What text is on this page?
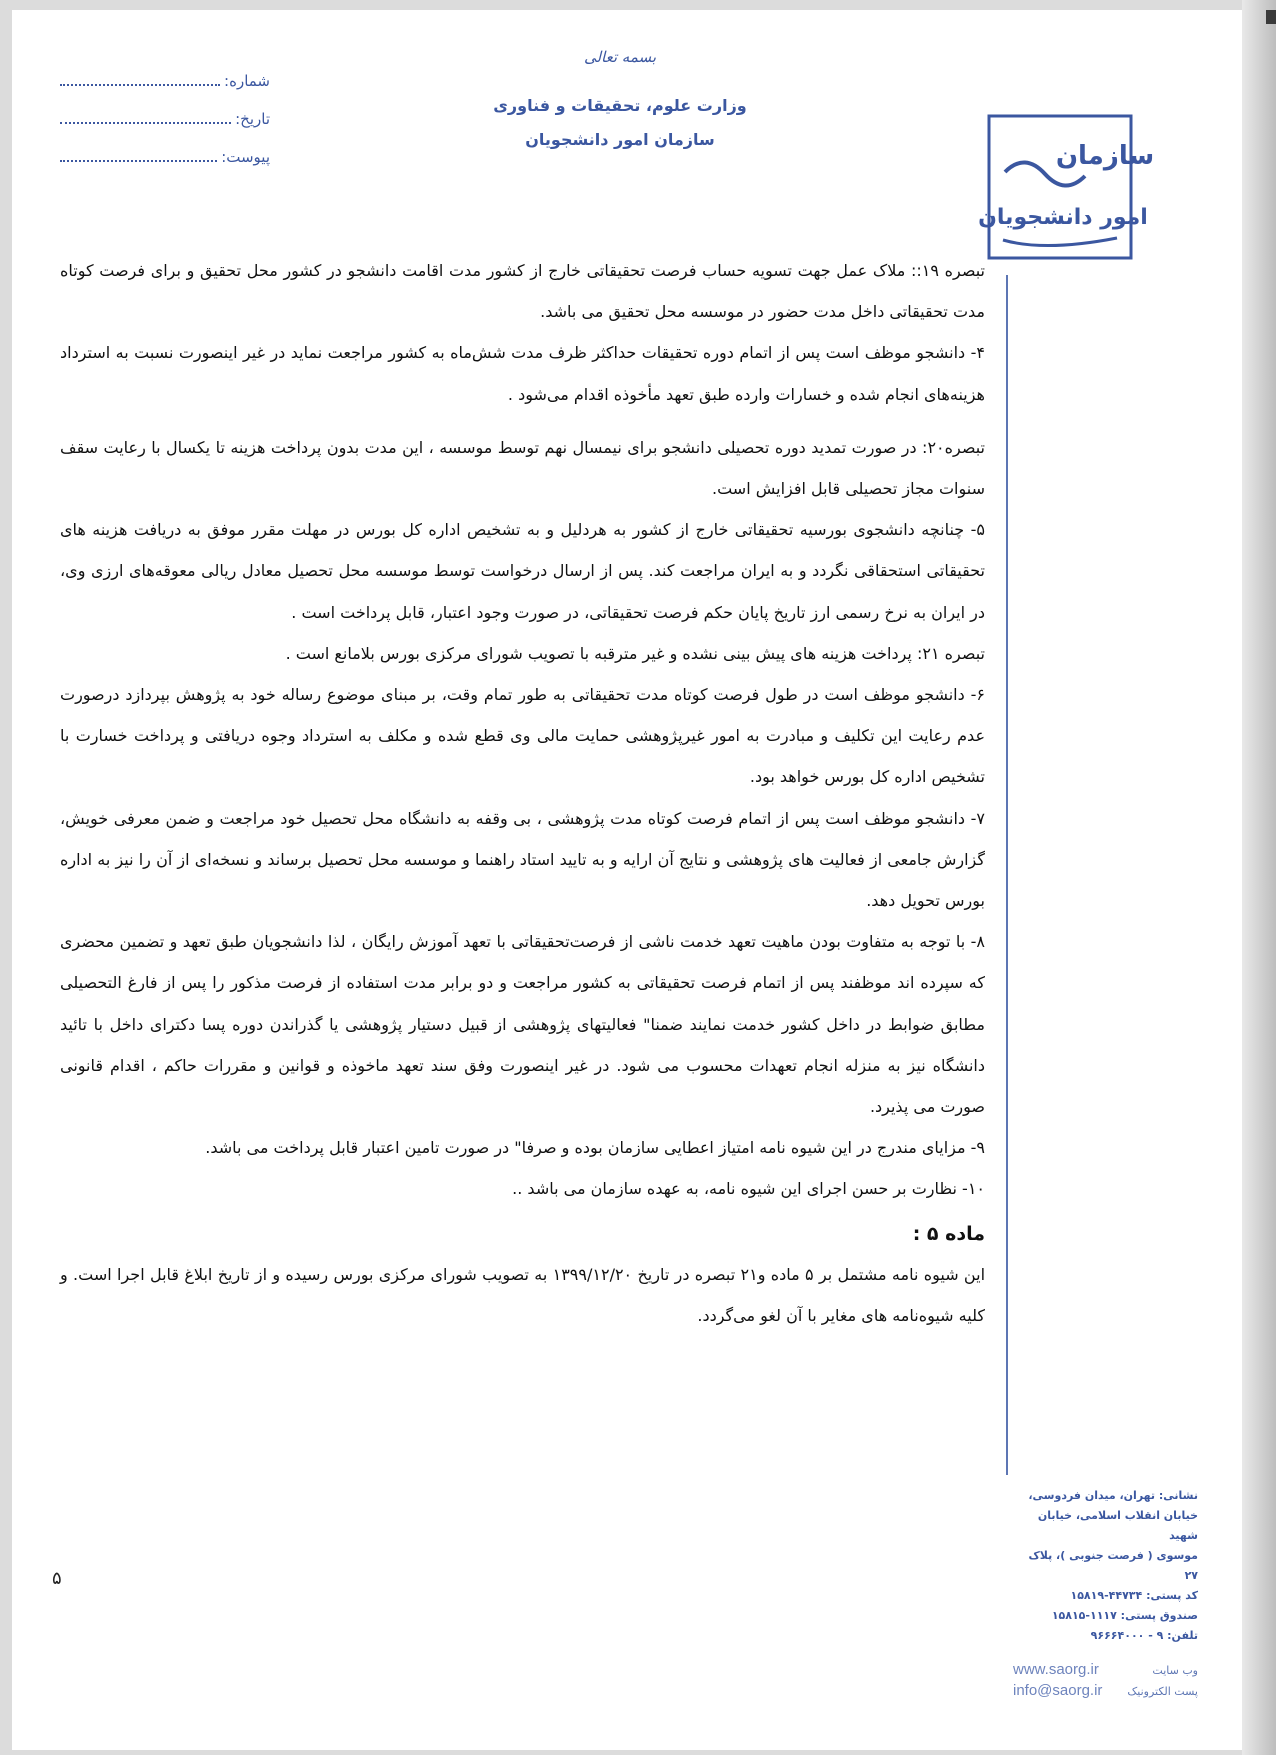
بسمه تعالی
وزارت علوم، تحقیقات و فناوری
سازمان امور دانشجویان
شماره:
تاریخ:
پیوست:	سازمان
امور دانشجویان

تبصره ۱۹:: ملاک عمل جهت تسویه حساب فرصت تحقیقاتی خارج از کشور مدت اقامت دانشجو در کشور محل تحقیق و برای فرصت کوتاه مدت تحقیقاتی داخل مدت حضور در موسسه محل تحقیق می باشد.

۴- دانشجو موظف است پس از اتمام دوره تحقیقات حداکثر ظرف مدت شش‌ماه به کشور مراجعت نماید در غیر اینصورت نسبت به استرداد هزینه‌های انجام شده و خسارات وارده طبق تعهد مأخوذه اقدام می‌شود .

تبصره۲۰: در صورت تمدید دوره تحصیلی دانشجو برای نیمسال نهم توسط موسسه ، این مدت بدون پرداخت هزینه تا یکسال با رعایت سقف سنوات مجاز تحصیلی قابل افزایش است.

۵- چنانچه دانشجوی بورسیه تحقیقاتی خارج از کشور به هردلیل و به تشخیص اداره کل بورس در مهلت مقرر موفق به دریافت هزینه های تحقیقاتی استحقاقی نگردد و به ایران مراجعت کند. پس از ارسال درخواست توسط موسسه محل تحصیل معادل ریالی معوقه‌های ارزی وی، در ایران به نرخ رسمی ارز تاریخ پایان حکم فرصت تحقیقاتی، در صورت وجود اعتبار، قابل پرداخت است .

تبصره ۲۱: پرداخت هزینه های پیش بینی نشده و غیر مترقبه با تصویب شورای مرکزی بورس بلامانع است .

۶- دانشجو موظف است در طول فرصت کوتاه مدت تحقیقاتی به طور تمام وقت، بر مبنای موضوع رساله خود به پژوهش بپردازد درصورت عدم رعایت این تکلیف و مبادرت به امور غیرپژوهشی حمایت مالی وی قطع شده و مکلف به استرداد وجوه دریافتی و پرداخت خسارت با تشخیص اداره کل بورس خواهد بود.

۷- دانشجو موظف است پس از اتمام فرصت کوتاه مدت پژوهشی ، بی وقفه به دانشگاه محل تحصیل خود مراجعت و ضمن معرفی خویش، گزارش جامعی از فعالیت های پژوهشی و نتایج آن ارایه و به تایید استاد راهنما و موسسه محل تحصیل برساند و نسخه‌ای از آن را نیز به اداره بورس تحویل دهد.

۸- با توجه به متفاوت بودن ماهیت تعهد خدمت ناشی از فرصت‌تحقیقاتی با تعهد آموزش رایگان ، لذا دانشجویان طبق تعهد و تضمین محضری که سپرده اند موظفند پس از اتمام فرصت تحقیقاتی به کشور مراجعت و دو برابر مدت استفاده از فرصت مذکور را پس از فارغ التحصیلی مطابق ضوابط در داخل کشور خدمت نمایند ضمنا" فعالیتهای پژوهشی از قبیل دستیار پژوهشی یا گذراندن دوره پسا دکترای داخل با تائید دانشگاه نیز به منزله انجام تعهدات محسوب می شود. در غیر اینصورت وفق سند تعهد ماخوذه و قوانین و مقررات حاکم ، اقدام قانونی صورت می پذیرد.

۹- مزایای مندرج در این شیوه نامه امتیاز اعطایی سازمان بوده و صرفا" در صورت تامین اعتبار قابل پرداخت می باشد.

۱۰- نظارت بر حسن اجرای این شیوه نامه، به عهده سازمان می باشد ..

ماده ۵ :

این شیوه نامه مشتمل بر ۵ ماده و۲۱ تبصره در تاریخ ۱۳۹۹/۱۲/۲۰ به تصویب شورای مرکزی بورس رسیده و از تاریخ ابلاغ قابل اجرا است. و کلیه شیوه‌نامه های مغایر با آن لغو می‌گردد.

نشانی: تهران، میدان فردوسی،
خیابان انقلاب اسلامی، خیابان شهید
موسوی ( فرصت جنوبی )، پلاک ۲۷
کد پستی: ۴۴۷۳۴-۱۵۸۱۹
صندوق پستی: ۱۱۱۷-۱۵۸۱۵
تلفن: ۹ - ۹۶۶۶۴۰۰۰
وب سایت
www.saorg.ir
پست الکترونیک
info@saorg.ir
۵
